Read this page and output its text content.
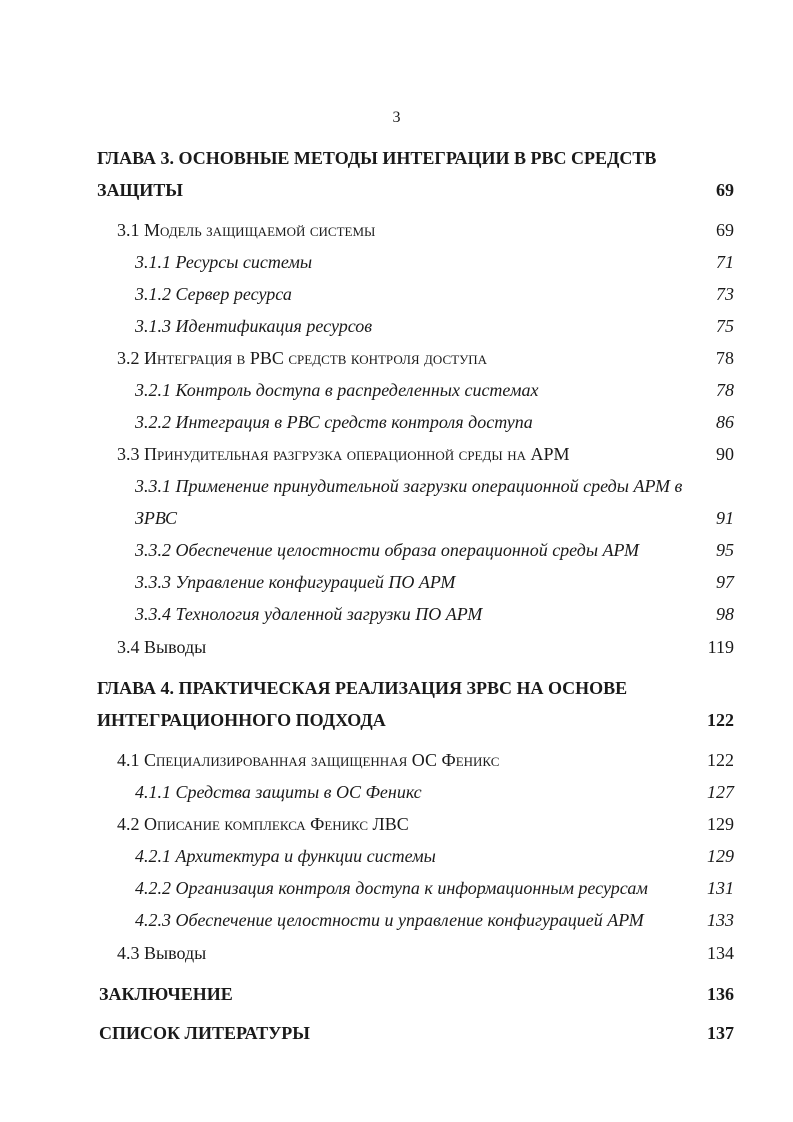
3
ГЛАВА 3. ОСНОВНЫЕ МЕТОДЫ ИНТЕГРАЦИИ В РВС СРЕДСТВ
ЗАЩИТЫ	69
3.1 Модель защищаемой системы	69
3.1.1 Ресурсы системы	71
3.1.2 Сервер ресурса	73
3.1.3 Идентификация ресурсов	75
3.2 Интеграция в РВС средств контроля доступа	78
3.2.1 Контроль доступа в распределенных системах	78
3.2.2 Интеграция в РВС средств контроля доступа	86
3.3 Принудительная разгрузка операционной среды на АРМ	90
3.3.1 Применение принудительной загрузки операционной среды АРМ в
ЗРВС	91
3.3.2 Обеспечение целостности образа операционной среды АРМ	95
3.3.3 Управление конфигурацией ПО АРМ	97
3.3.4 Технология удаленной загрузки ПО АРМ	98
3.4 Выводы	119
ГЛАВА 4. ПРАКТИЧЕСКАЯ РЕАЛИЗАЦИЯ ЗРВС НА ОСНОВЕ
ИНТЕГРАЦИОННОГО ПОДХОДА	122
4.1 Специализированная защищенная ОС Феникс	122
4.1.1 Средства защиты в ОС Феникс	127
4.2 Описание комплекса Феникс ЛВС	129
4.2.1 Архитектура и функции системы	129
4.2.2 Организация контроля доступа к информационным ресурсам	131
4.2.3 Обеспечение целостности и управление конфигурацией АРМ	133
4.3 Выводы	134
ЗАКЛЮЧЕНИЕ	136
СПИСОК ЛИТЕРАТУРЫ	137
